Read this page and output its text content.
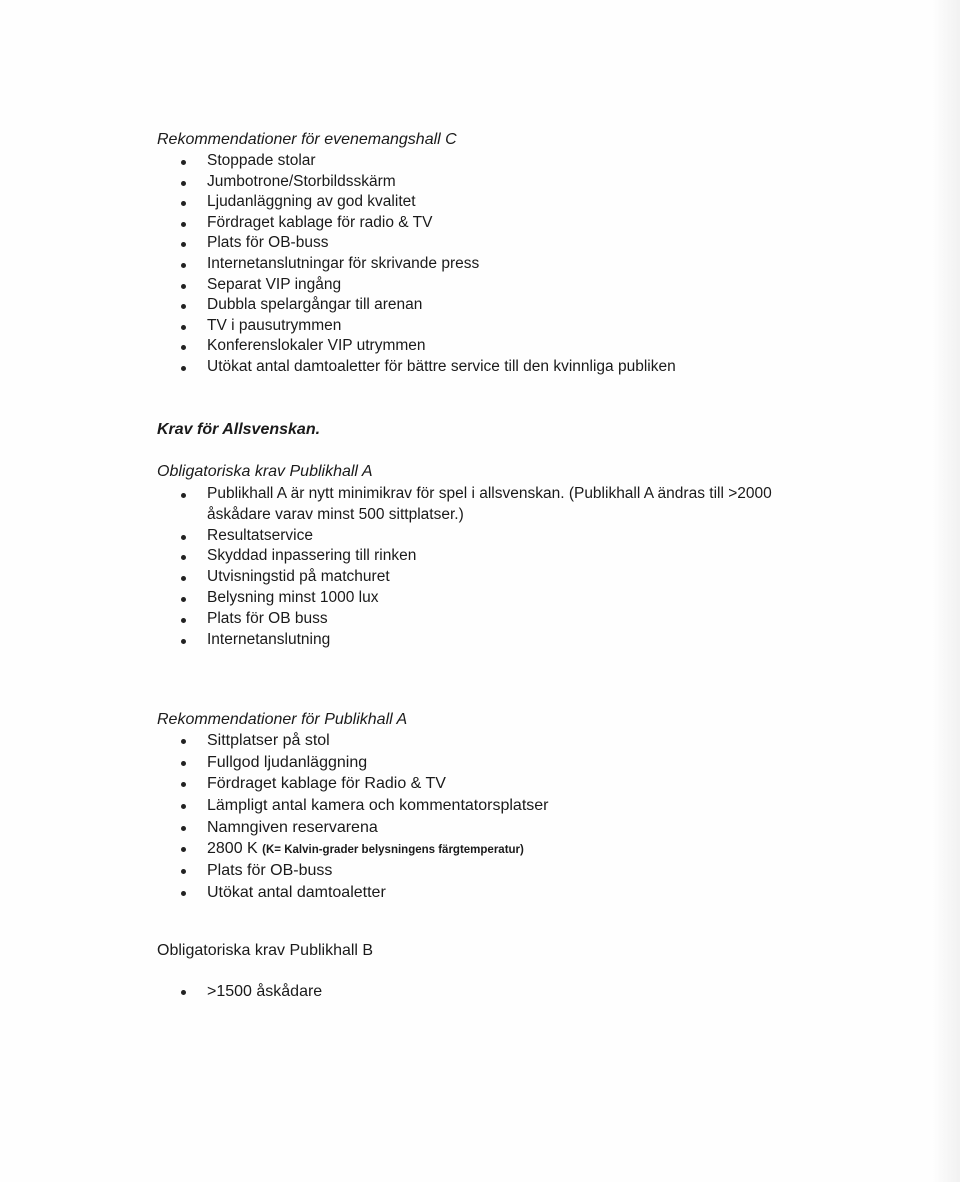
Rekommendationer för evenemangshall C
Stoppade stolar
Jumbotrone/Storbildsskärm
Ljudanläggning av god kvalitet
Fördraget kablage för radio & TV
Plats för OB-buss
Internetanslutningar för skrivande press
Separat VIP ingång
Dubbla spelargångar till arenan
TV i pausutrymmen
Konferenslokaler VIP utrymmen
Utökat antal damtoaletter för bättre service till den kvinnliga publiken
Krav för Allsvenskan.
Obligatoriska krav Publikhall A
Publikhall A är nytt minimikrav för spel i allsvenskan. (Publikhall A ändras till >2000 åskådare varav minst 500 sittplatser.)
Resultatservice
Skyddad inpassering till rinken
Utvisningstid på matchuret
Belysning minst 1000 lux
Plats för OB buss
Internetanslutning
Rekommendationer för Publikhall A
Sittplatser på stol
Fullgod ljudanläggning
Fördraget kablage för Radio & TV
Lämpligt antal kamera och kommentatorsplatser
Namngiven reservarena
2800 K (K= Kalvin-grader belysningens färgtemperatur)
Plats för OB-buss
Utökat antal damtoaletter
Obligatoriska krav Publikhall B
>1500 åskådare
